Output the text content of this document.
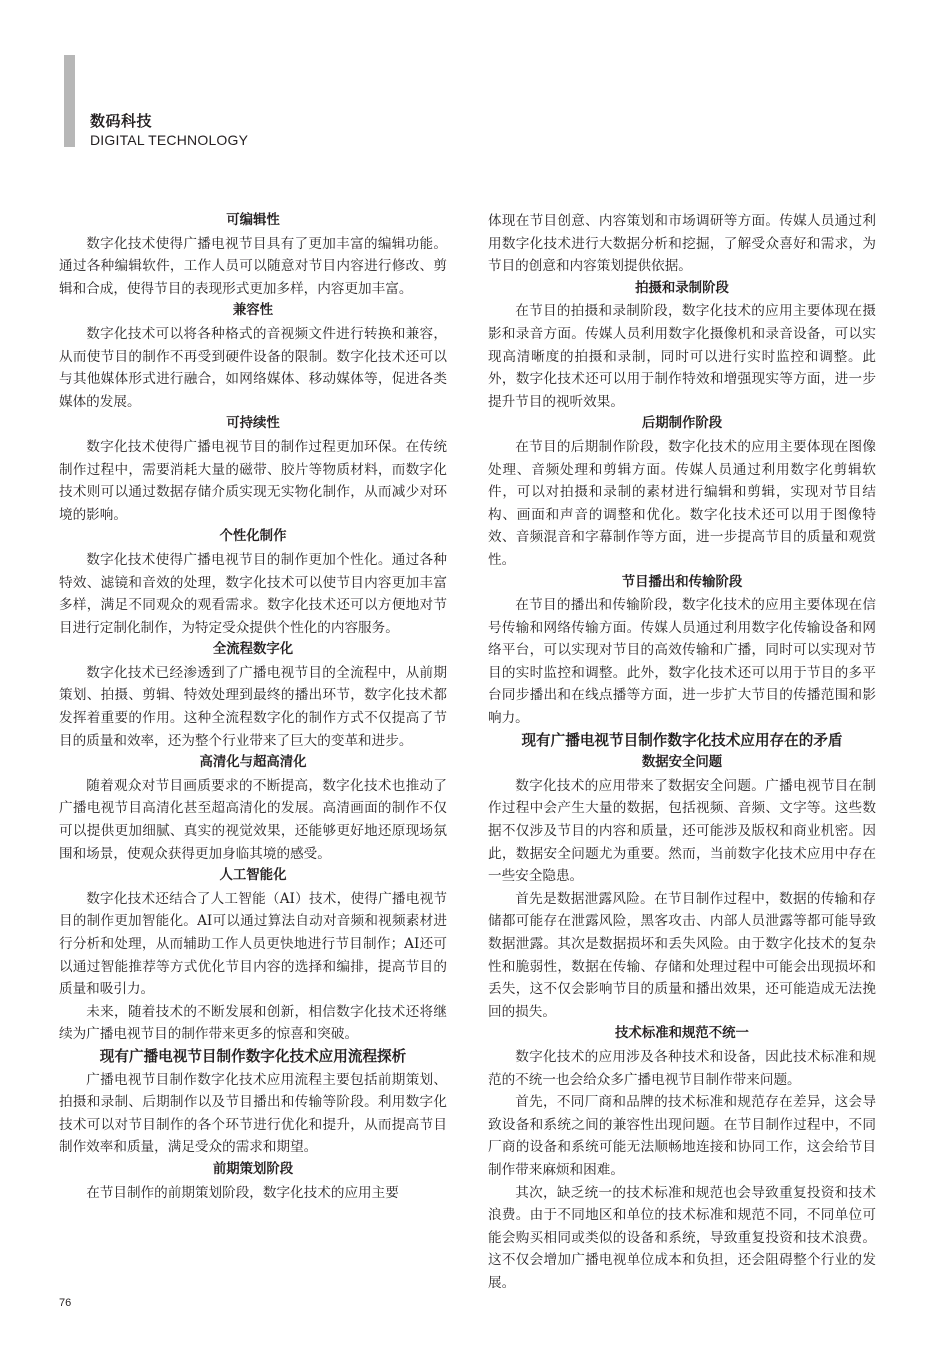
数码科技
DIGITAL TECHNOLOGY
可编辑性
数字化技术使得广播电视节目具有了更加丰富的编辑功能。通过各种编辑软件，工作人员可以随意对节目内容进行修改、剪辑和合成，使得节目的表现形式更加多样，内容更加丰富。
兼容性
数字化技术可以将各种格式的音视频文件进行转换和兼容，从而使节目的制作不再受到硬件设备的限制。数字化技术还可以与其他媒体形式进行融合，如网络媒体、移动媒体等，促进各类媒体的发展。
可持续性
数字化技术使得广播电视节目的制作过程更加环保。在传统制作过程中，需要消耗大量的磁带、胶片等物质材料，而数字化技术则可以通过数据存储介质实现无实物化制作，从而减少对环境的影响。
个性化制作
数字化技术使得广播电视节目的制作更加个性化。通过各种特效、滤镜和音效的处理，数字化技术可以使节目内容更加丰富多样，满足不同观众的观看需求。数字化技术还可以方便地对节目进行定制化制作，为特定受众提供个性化的内容服务。
全流程数字化
数字化技术已经渗透到了广播电视节目的全流程中，从前期策划、拍摄、剪辑、特效处理到最终的播出环节，数字化技术都发挥着重要的作用。这种全流程数字化的制作方式不仅提高了节目的质量和效率，还为整个行业带来了巨大的变革和进步。
高清化与超高清化
随着观众对节目画质要求的不断提高，数字化技术也推动了广播电视节目高清化甚至超高清化的发展。高清画面的制作不仅可以提供更加细腻、真实的视觉效果，还能够更好地还原现场氛围和场景，使观众获得更加身临其境的感受。
人工智能化
数字化技术还结合了人工智能（AI）技术，使得广播电视节目的制作更加智能化。AI可以通过算法自动对音频和视频素材进行分析和处理，从而辅助工作人员更快地进行节目制作；AI还可以通过智能推荐等方式优化节目内容的选择和编排，提高节目的质量和吸引力。
未来，随着技术的不断发展和创新，相信数字化技术还将继续为广播电视节目的制作带来更多的惊喜和突破。
现有广播电视节目制作数字化技术应用流程探析
广播电视节目制作数字化技术应用流程主要包括前期策划、拍摄和录制、后期制作以及节目播出和传输等阶段。利用数字化技术可以对节目制作的各个环节进行优化和提升，从而提高节目制作效率和质量，满足受众的需求和期望。
前期策划阶段
在节目制作的前期策划阶段，数字化技术的应用主要
体现在节目创意、内容策划和市场调研等方面。传媒人员通过利用数字化技术进行大数据分析和挖掘，了解受众喜好和需求，为节目的创意和内容策划提供依据。
拍摄和录制阶段
在节目的拍摄和录制阶段，数字化技术的应用主要体现在摄影和录音方面。传媒人员利用数字化摄像机和录音设备，可以实现高清晰度的拍摄和录制，同时可以进行实时监控和调整。此外，数字化技术还可以用于制作特效和增强现实等方面，进一步提升节目的视听效果。
后期制作阶段
在节目的后期制作阶段，数字化技术的应用主要体现在图像处理、音频处理和剪辑方面。传媒人员通过利用数字化剪辑软件，可以对拍摄和录制的素材进行编辑和剪辑，实现对节目结构、画面和声音的调整和优化。数字化技术还可以用于图像特效、音频混音和字幕制作等方面，进一步提高节目的质量和观赏性。
节目播出和传输阶段
在节目的播出和传输阶段，数字化技术的应用主要体现在信号传输和网络传输方面。传媒人员通过利用数字化传输设备和网络平台，可以实现对节目的高效传输和广播，同时可以实现对节目的实时监控和调整。此外，数字化技术还可以用于节目的多平台同步播出和在线点播等方面，进一步扩大节目的传播范围和影响力。
现有广播电视节目制作数字化技术应用存在的矛盾
数据安全问题
数字化技术的应用带来了数据安全问题。广播电视节目在制作过程中会产生大量的数据，包括视频、音频、文字等。这些数据不仅涉及节目的内容和质量，还可能涉及版权和商业机密。因此，数据安全问题尤为重要。然而，当前数字化技术应用中存在一些安全隐患。
首先是数据泄露风险。在节目制作过程中，数据的传输和存储都可能存在泄露风险，黑客攻击、内部人员泄露等都可能导致数据泄露。其次是数据损坏和丢失风险。由于数字化技术的复杂性和脆弱性，数据在传输、存储和处理过程中可能会出现损坏和丢失，这不仅会影响节目的质量和播出效果，还可能造成无法挽回的损失。
技术标准和规范不统一
数字化技术的应用涉及各种技术和设备，因此技术标准和规范的不统一也会给众多广播电视节目制作带来问题。
首先，不同厂商和品牌的技术标准和规范存在差异，这会导致设备和系统之间的兼容性出现问题。在节目制作过程中，不同厂商的设备和系统可能无法顺畅地连接和协同工作，这会给节目制作带来麻烦和困难。
其次，缺乏统一的技术标准和规范也会导致重复投资和技术浪费。由于不同地区和单位的技术标准和规范不同，不同单位可能会购买相同或类似的设备和系统，导致重复投资和技术浪费。这不仅会增加广播电视单位成本和负担，还会阻碍整个行业的发展。
76
